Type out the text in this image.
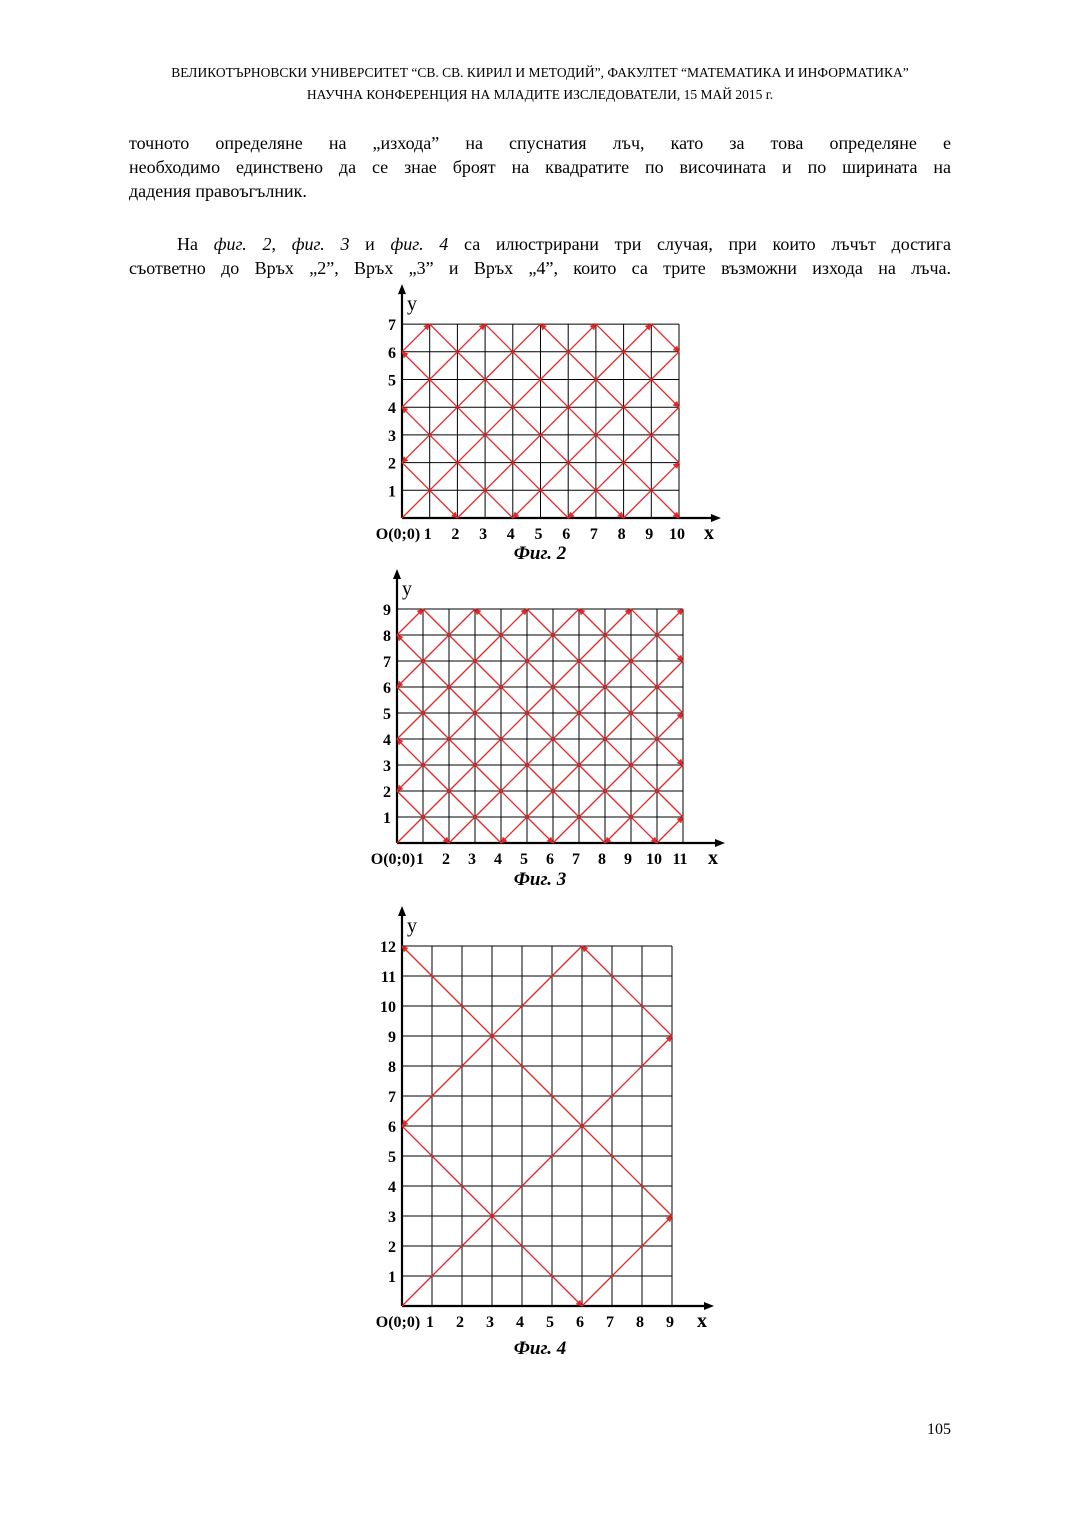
ВЕЛИКОТЪРНОВСКИ УНИВЕРСИТЕТ “СВ. СВ. КИРИЛ И МЕТОДИЙ”, ФАКУЛТЕТ “МАТЕМАТИКА И ИНФОРМАТИКА”
НАУЧНА КОНФЕРЕНЦИЯ НА МЛАДИТЕ ИЗСЛЕДОВАТЕЛИ, 15 МАЙ 2015 г.
точното определяне на „изхода” на спуснатия лъч, като за това определяне е
необходимо единствено да се знае броят на квадратите по височината и по ширината на
дадения правоъгълник.
На фиг. 2, фиг. 3 и фиг. 4 са илюстрирани три случая, при които лъчът достига
съответно до Връх „2”, Връх „3” и Връх „4”, които са трите възможни изхода на лъча.
1 2 3 4 5 6 7 8 9 10
1
2
3
4
5
6
7
O(0;0)	x
y
Фиг. 2
1 2 3 4 5 6 7 8 9 10 11
1
2
3
4
5
6
7
8
9
O(0;0)	x
y
Фиг. 3
1 2 3 4 5 6 7 8 9
1
2
3
4
5
6
7
8
9
10
11
12
O(0;0)	x
y
Фиг. 4
105
